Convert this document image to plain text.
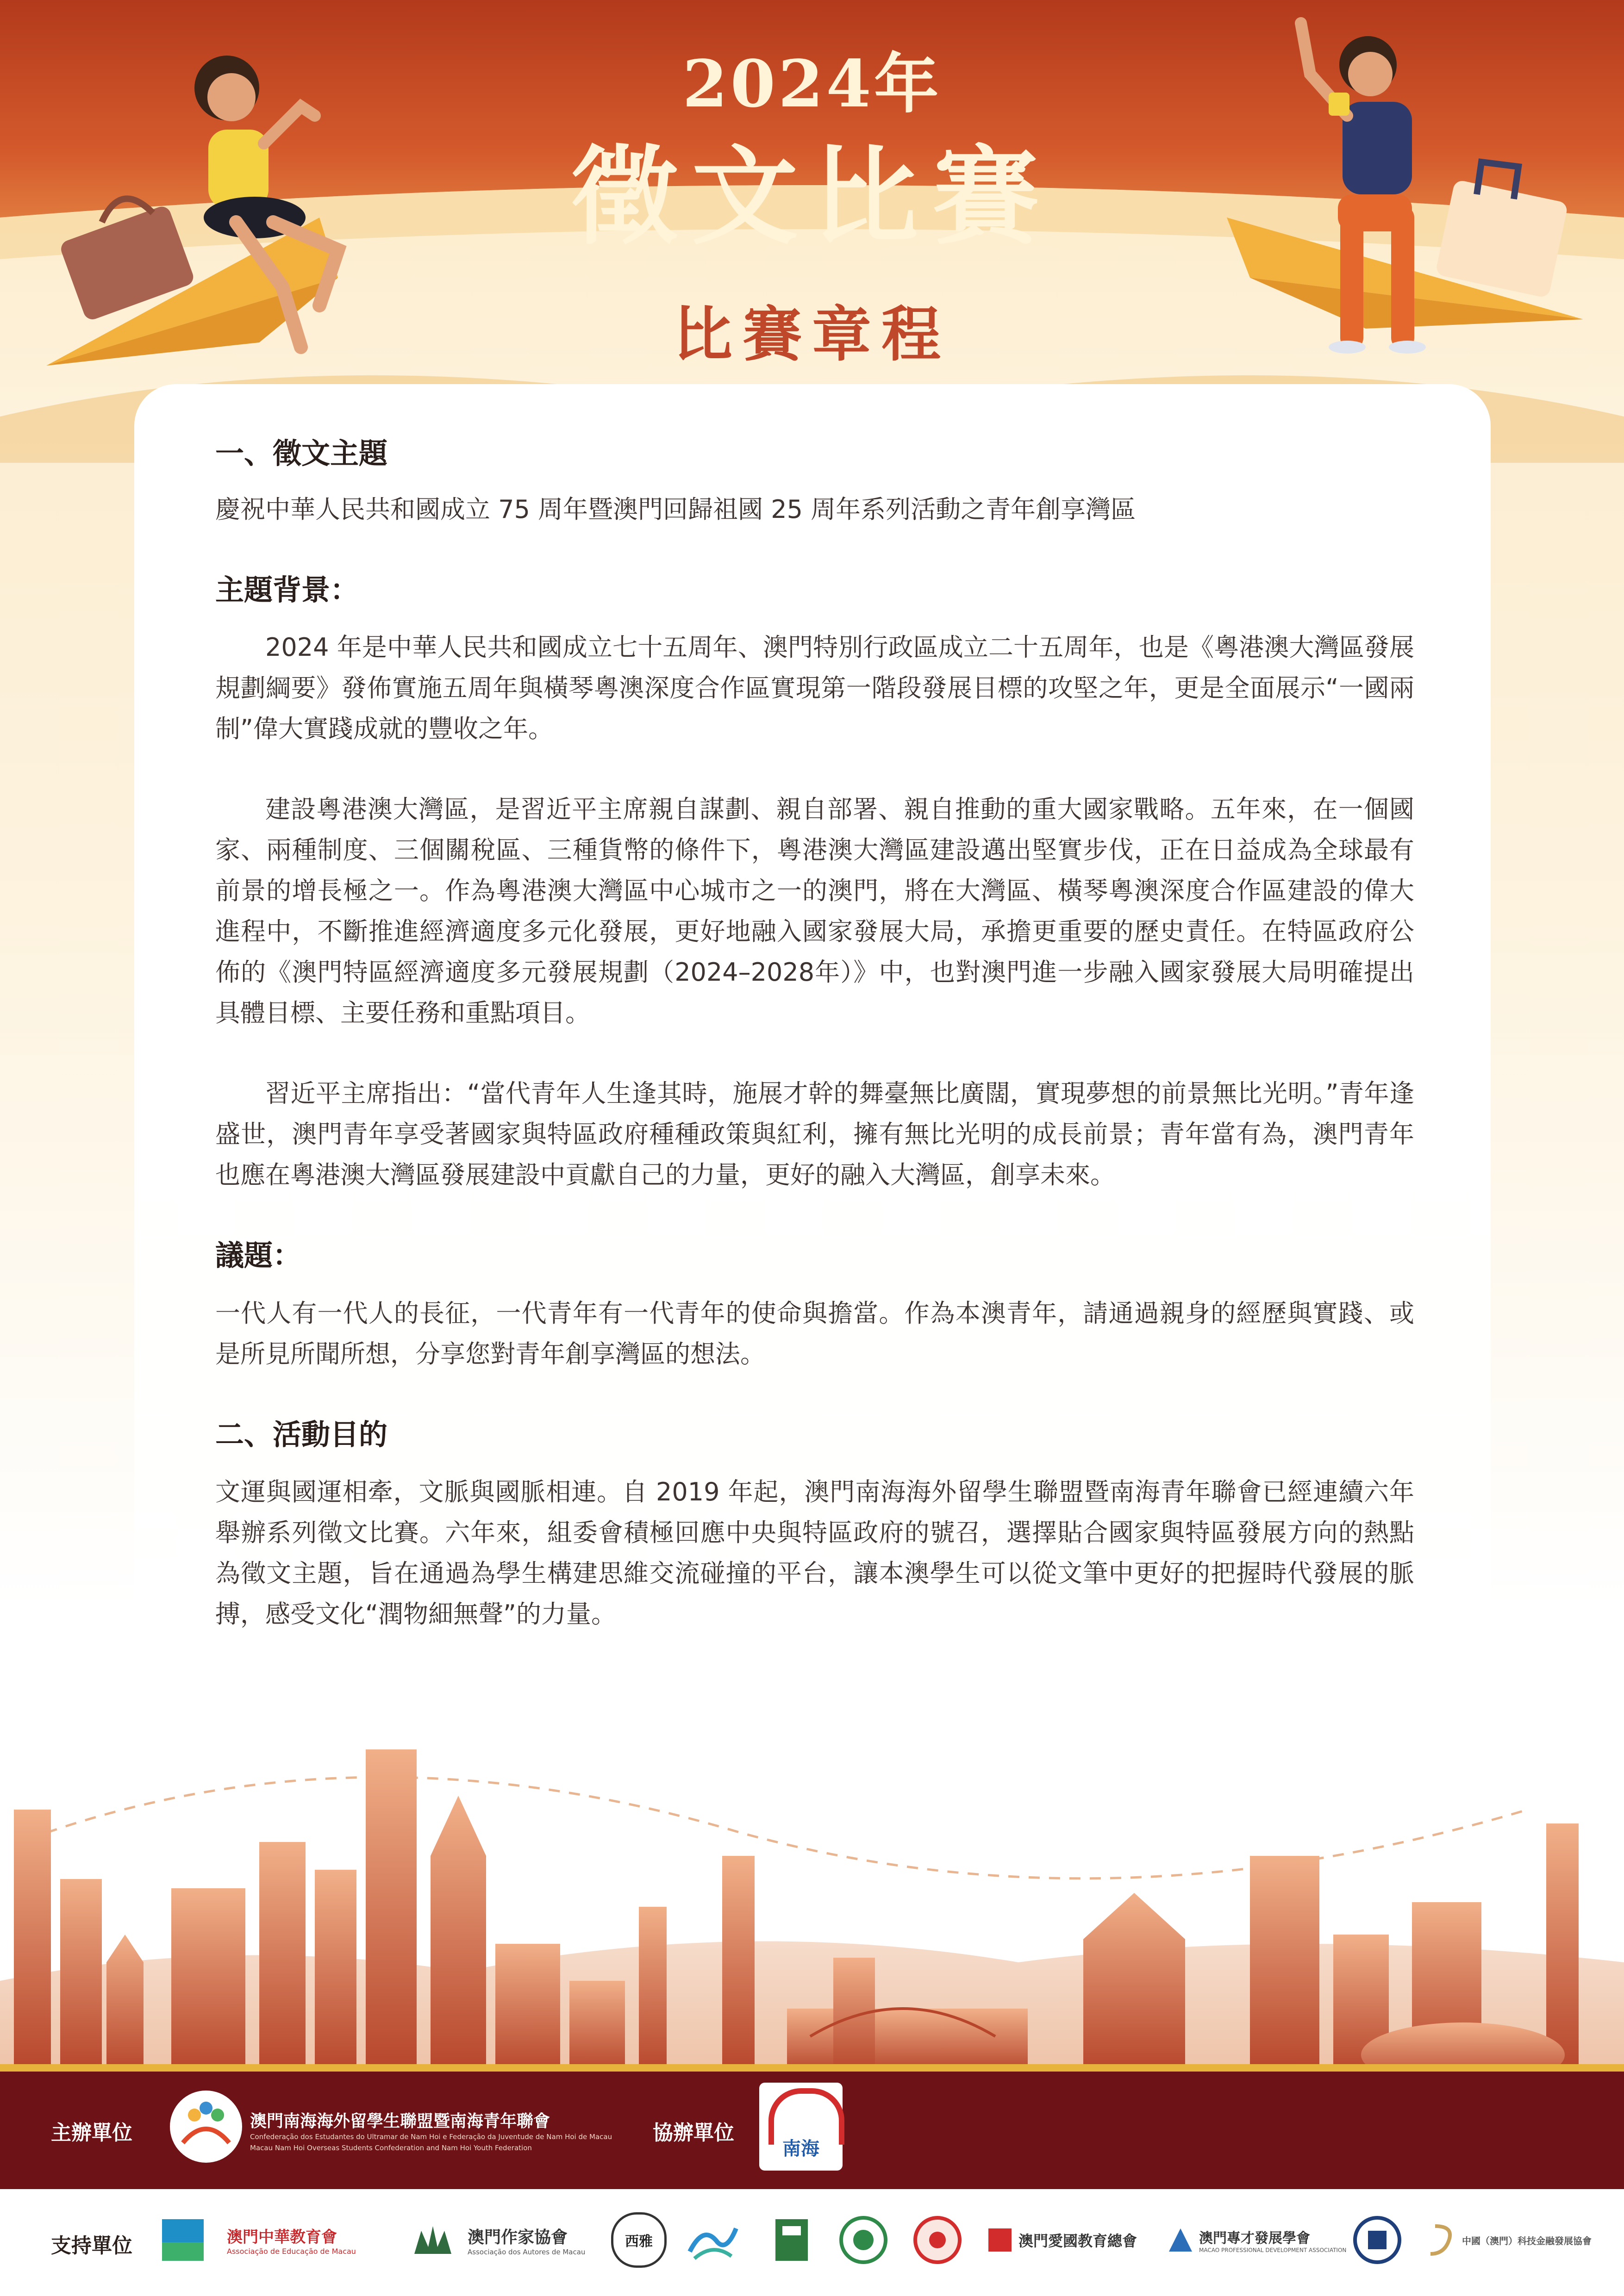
2024年
徵文比賽
比賽章程

一、徵文主題

慶祝中華人民共和國成立 75 周年暨澳門回歸祖國 25 周年系列活動之青年創享灣區

主題背景：

2024 年是中華人民共和國成立七十五周年、澳門特別行政區成立二十五周年，也是《粵港澳大灣區發展規劃綱要》發佈實施五周年與橫琴粵澳深度合作區實現第一階段發展目標的攻堅之年，更是全面展示“一國兩制”偉大實踐成就的豐收之年。

建設粵港澳大灣區，是習近平主席親自謀劃、親自部署、親自推動的重大國家戰略。五年來，在一個國家、兩種制度、三個關稅區、三種貨幣的條件下，粵港澳大灣區建設邁出堅實步伐，正在日益成為全球最有前景的增長極之一。作為粵港澳大灣區中心城市之一的澳門，將在大灣區、橫琴粵澳深度合作區建設的偉大進程中，不斷推進經濟適度多元化發展，更好地融入國家發展大局，承擔更重要的歷史責任。在特區政府公佈的《澳門特區經濟適度多元發展規劃（2024–2028年）》中，也對澳門進一步融入國家發展大局明確提出具體目標、主要任務和重點項目。

習近平主席指出：“當代青年人生逢其時，施展才幹的舞臺無比廣闊，實現夢想的前景無比光明。”青年逢盛世，澳門青年享受著國家與特區政府種種政策與紅利，擁有無比光明的成長前景；青年當有為，澳門青年也應在粵港澳大灣區發展建設中貢獻自己的力量，更好的融入大灣區，創享未來。

議題：

一代人有一代人的長征，一代青年有一代青年的使命與擔當。作為本澳青年，請通過親身的經歷與實踐、或是所見所聞所想，分享您對青年創享灣區的想法。

二、活動目的

文運與國運相牽，文脈與國脈相連。自 2019 年起，澳門南海海外留學生聯盟暨南海青年聯會已經連續六年舉辦系列徵文比賽。六年來，組委會積極回應中央與特區政府的號召，選擇貼合國家與特區發展方向的熱點為徵文主題，旨在通過為學生構建思維交流碰撞的平台，讓本澳學生可以從文筆中更好的把握時代發展的脈搏，感受文化“潤物細無聲”的力量。

主辦單位	澳門南海海外留學生聯盟暨南海青年聯會
Confederação dos Estudantes do Ultramar de Nam Hoi e Federação da Juventude de Nam Hoi de Macau
Macau Nam Hoi Overseas Students Confederation and Nam Hoi Youth Federation
協辦單位
南海
支持單位	澳門中華教育會
Associação de Educação de Macau
澳門作家協會
Associação dos Autores de Macau
西雅	澳門愛國教育總會	澳門專才發展學會
MACAO PROFESSIONAL DEVELOPMENT ASSOCIATION
中國（澳門）科技金融發展協會
